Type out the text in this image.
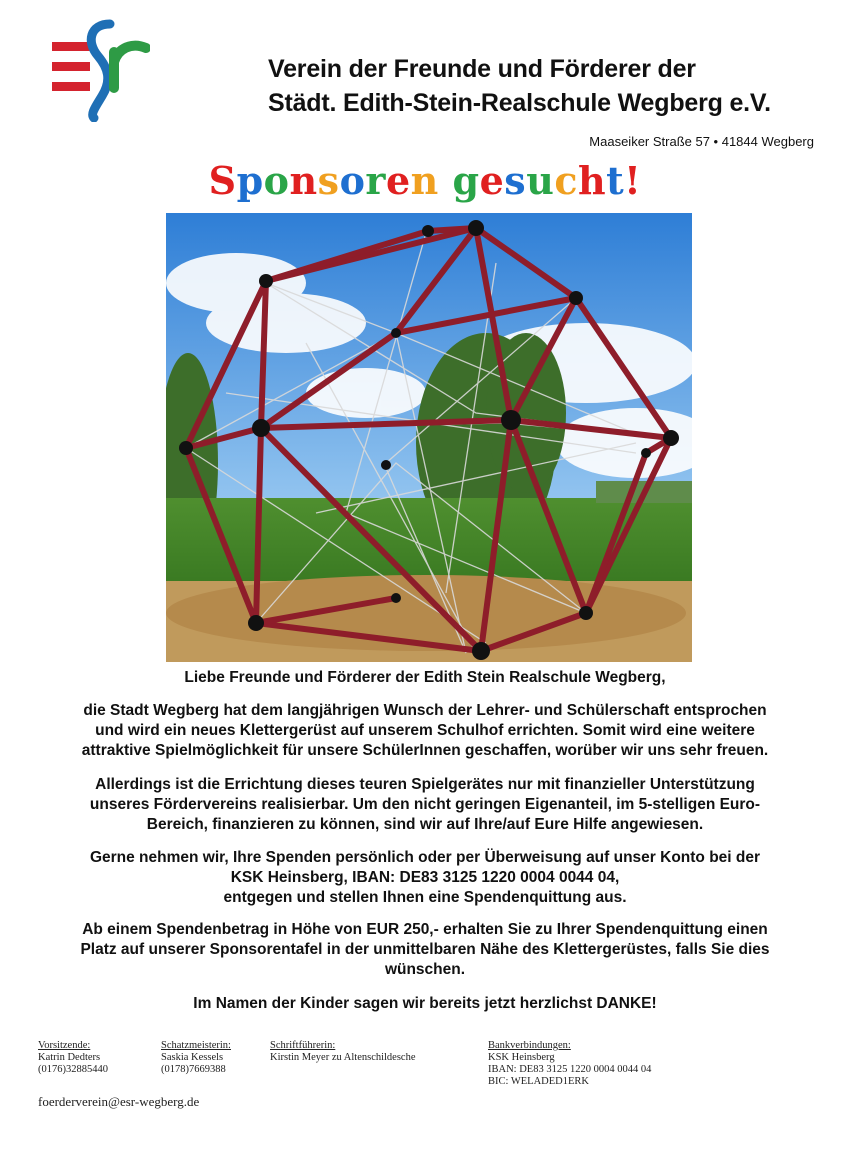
Verein der Freunde und Förderer der
Städt. Edith-Stein-Realschule Wegberg e.V.
Maaseiker Straße 57 • 41844 Wegberg
Sponsoren gesucht!
Liebe Freunde und Förderer der Edith Stein Realschule Wegberg,

die Stadt Wegberg hat dem langjährigen Wunsch der Lehrer- und Schülerschaft entsprochen

und wird ein neues Klettergerüst auf unserem Schulhof errichten. Somit wird eine weitere

attraktive Spielmöglichkeit für unsere SchülerInnen geschaffen, worüber wir uns sehr freuen.

Allerdings ist die Errichtung dieses teuren Spielgerätes nur mit finanzieller Unterstützung

unseres Fördervereins realisierbar. Um den nicht geringen Eigenanteil, im 5-stelligen Euro-

Bereich, finanzieren zu können, sind wir auf Ihre/auf Eure Hilfe angewiesen.

Gerne nehmen wir, Ihre Spenden persönlich oder per Überweisung auf unser Konto bei der

KSK Heinsberg, IBAN: DE83 3125 1220 0004 0044 04,

entgegen und stellen Ihnen eine Spendenquittung aus.

Ab einem Spendenbetrag in Höhe von EUR 250,- erhalten Sie zu Ihrer Spendenquittung einen

Platz auf unserer Sponsorentafel in der unmittelbaren Nähe des Klettergerüstes, falls Sie dies

wünschen.

Im Namen der Kinder sagen wir bereits jetzt herzlichst DANKE!
Vorsitzende:
Katrin Dedters
(0176)32885440
Schatzmeisterin:
Saskia Kessels
(0178)7669388
Schriftführerin:
Kirstin Meyer zu Altenschildesche
Bankverbindungen:
KSK Heinsberg
IBAN: DE83 3125 1220 0004 0044 04
BIC: WELADED1ERK
foerderverein@esr-wegberg.de
